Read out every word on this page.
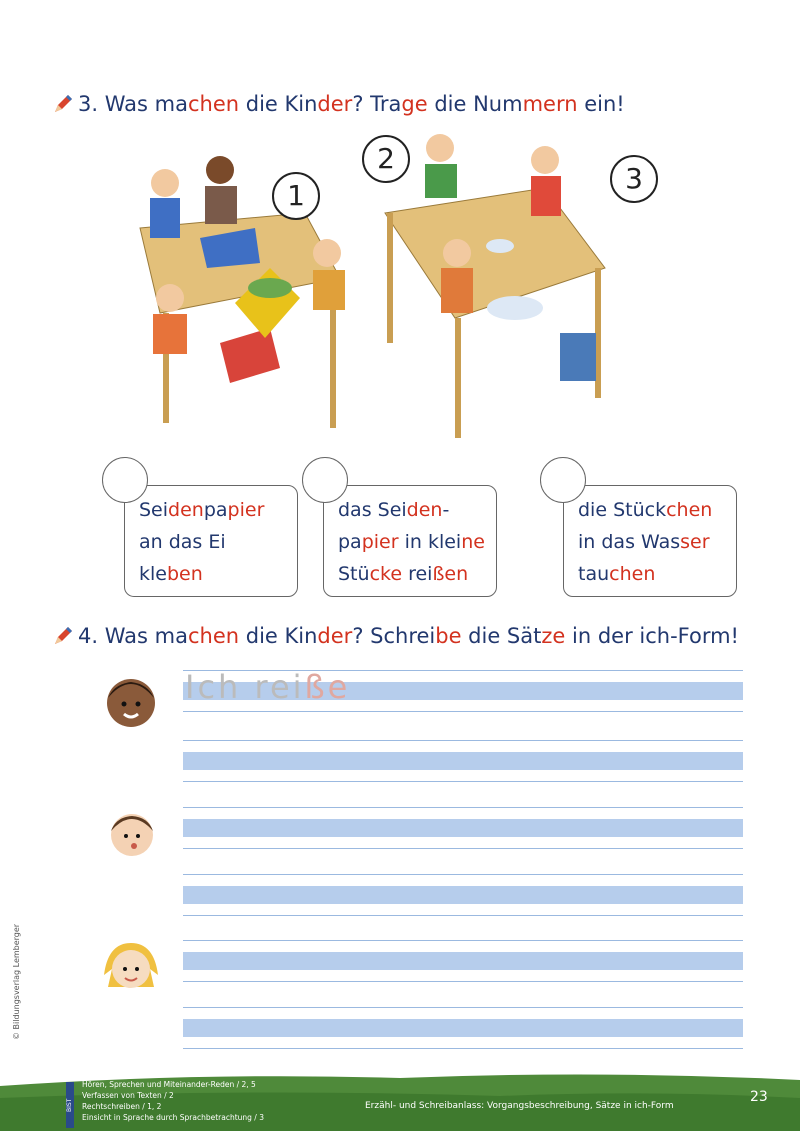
3. Was machen die Kinder? Trage die Nummern ein!
1
2
3
Seidenpapier
an das Ei
kleben
das Seiden-
papier in kleine
Stücke reißen
die Stückchen
in das Wasser
tauchen
4. Was machen die Kinder? Schreibe die Sätze in der ich-Form!
Ich reiße
© Bildungsverlag Lemberger
BIST
Hören, Sprechen und Miteinander-Reden / 2, 5
Verfassen von Texten / 2
Rechtschreiben / 1, 2
Einsicht in Sprache durch Sprachbetrachtung / 3
Erzähl- und Schreibanlass: Vorgangsbeschreibung, Sätze in ich-Form
23
